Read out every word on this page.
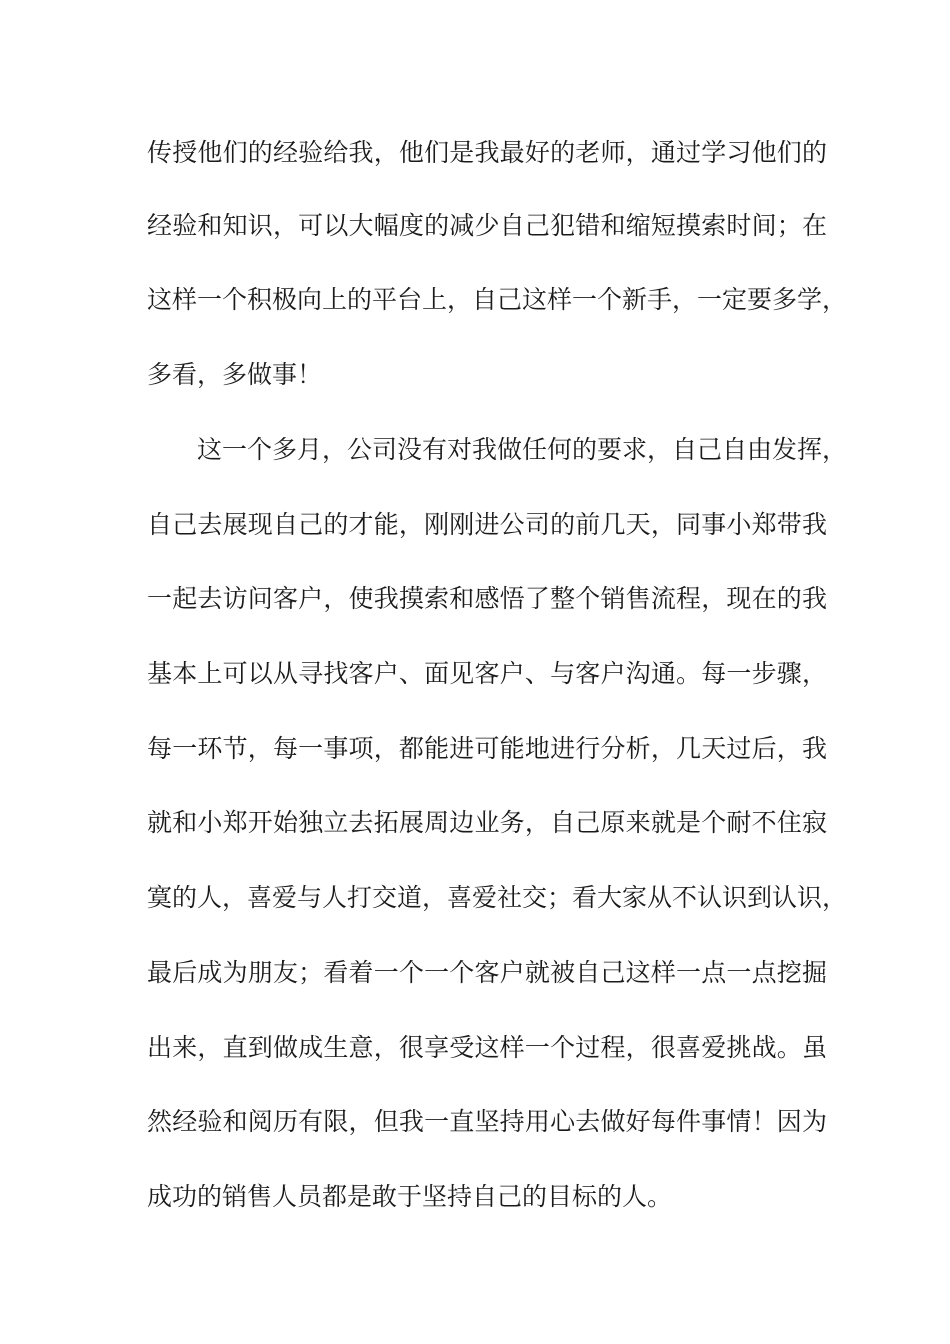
传授他们的经验给我，他们是我最好的老师，通过学习他们的
经验和知识，可以大幅度的减少自己犯错和缩短摸索时间；在
这样一个积极向上的平台上，自己这样一个新手，一定要多学，
多看，多做事！
这一个多月，公司没有对我做任何的要求，自己自由发挥，
自己去展现自己的才能，刚刚进公司的前几天，同事小郑带我
一起去访问客户，使我摸索和感悟了整个销售流程，现在的我
基本上可以从寻找客户、面见客户、与客户沟通。每一步骤，
每一环节，每一事项，都能进可能地进行分析，几天过后，我
就和小郑开始独立去拓展周边业务，自己原来就是个耐不住寂
寞的人，喜爱与人打交道，喜爱社交；看大家从不认识到认识，
最后成为朋友；看着一个一个客户就被自己这样一点一点挖掘
出来，直到做成生意，很享受这样一个过程，很喜爱挑战。虽
然经验和阅历有限，但我一直坚持用心去做好每件事情！因为
成功的销售人员都是敢于坚持自己的目标的人。
